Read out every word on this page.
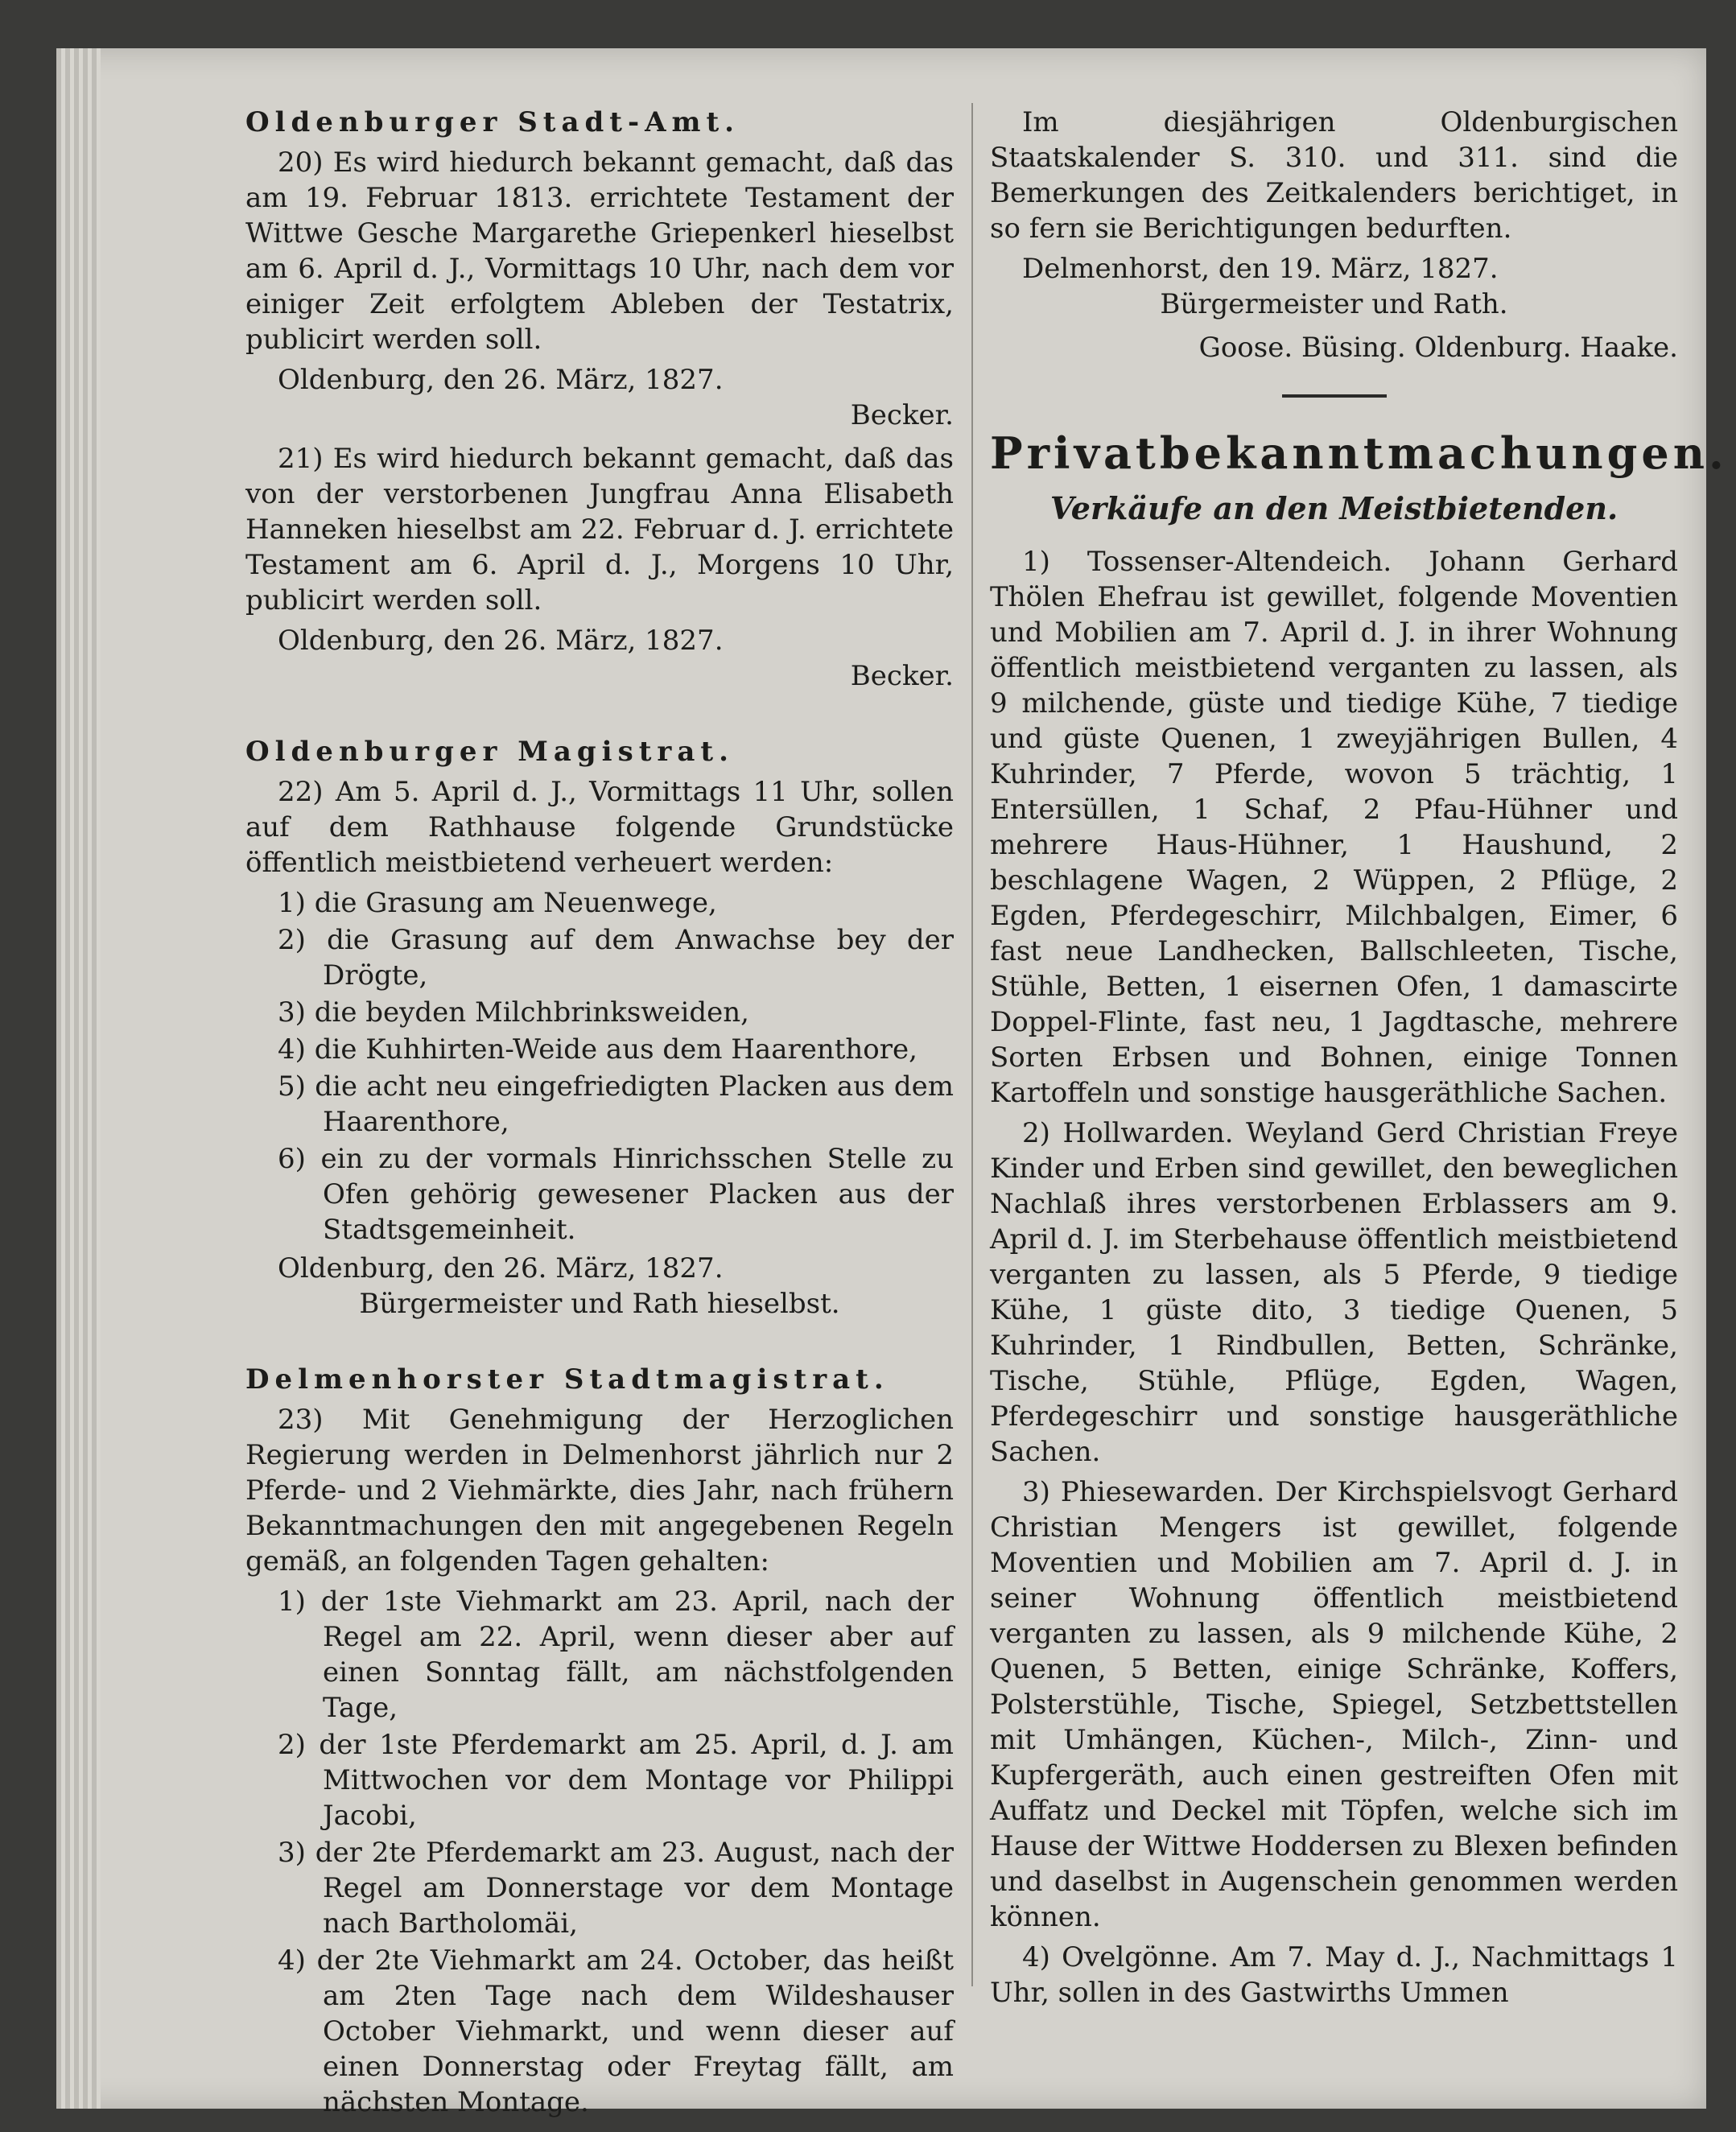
Oldenburger Stadt-Amt.

20) Es wird hiedurch bekannt gemacht, daß das am 19. Februar 1813. errichtete Testament der Wittwe Gesche Margarethe Griepenkerl hieselbst am 6. April d. J., Vormittags 10 Uhr, nach dem vor einiger Zeit erfolgtem Ableben der Testatrix, publicirt werden soll.

Oldenburg, den 26. März, 1827.

Becker.

21) Es wird hiedurch bekannt gemacht, daß das von der verstorbenen Jungfrau Anna Elisabeth Hanneken hieselbst am 22. Februar d. J. errichtete Testament am 6. April d. J., Morgens 10 Uhr, publicirt werden soll.

Oldenburg, den 26. März, 1827.

Becker.

Oldenburger Magistrat.

22) Am 5. April d. J., Vormittags 11 Uhr, sollen auf dem Rathhause folgende Grundstücke öffentlich meistbietend verheuert werden:

1) die Grasung am Neuenwege,
2) die Grasung auf dem Anwachse bey der Drögte,
3) die beyden Milchbrinksweiden,
4) die Kuhhirten-Weide aus dem Haarenthore,
5) die acht neu eingefriedigten Placken aus dem Haarenthore,
6) ein zu der vormals Hinrichsschen Stelle zu Ofen gehörig gewesener Placken aus der Stadtsgemeinheit.

Oldenburg, den 26. März, 1827.

Bürgermeister und Rath hieselbst.

Delmenhorster Stadtmagistrat.

23) Mit Genehmigung der Herzoglichen Regierung werden in Delmenhorst jährlich nur 2 Pferde- und 2 Viehmärkte, dies Jahr, nach frühern Bekanntmachungen den mit angegebenen Regeln gemäß, an folgenden Tagen gehalten:

1) der 1ste Viehmarkt am 23. April, nach der Regel am 22. April, wenn dieser aber auf einen Sonntag fällt, am nächstfolgenden Tage,
2) der 1ste Pferdemarkt am 25. April, d. J. am Mittwochen vor dem Montage vor Philippi Jacobi,
3) der 2te Pferdemarkt am 23. August, nach der Regel am Donnerstage vor dem Montage nach Bartholomäi,
4) der 2te Viehmarkt am 24. October, das heißt am 2ten Tage nach dem Wildeshauser October Viehmarkt, und wenn dieser auf einen Donnerstag oder Freytag fällt, am nächsten Montage.

Im diesjährigen Oldenburgischen Staatskalender S. 310. und 311. sind die Bemerkungen des Zeitkalenders berichtiget, in so fern sie Berichtigungen bedurften.

Delmenhorst, den 19. März, 1827.

Bürgermeister und Rath.

Goose. Büsing. Oldenburg. Haake.

Privatbekanntmachungen.

Verkäufe an den Meistbietenden.

1) Tossenser-Altendeich. Johann Gerhard Thölen Ehefrau ist gewillet, folgende Moventien und Mobilien am 7. April d. J. in ihrer Wohnung öffentlich meistbietend verganten zu lassen, als 9 milchende, güste und tiedige Kühe, 7 tiedige und güste Quenen, 1 zweyjährigen Bullen, 4 Kuhrinder, 7 Pferde, wovon 5 trächtig, 1 Entersüllen, 1 Schaf, 2 Pfau-Hühner und mehrere Haus-Hühner, 1 Haushund, 2 beschlagene Wagen, 2 Wüppen, 2 Pflüge, 2 Egden, Pferdegeschirr, Milchbalgen, Eimer, 6 fast neue Landhecken, Ballschleeten, Tische, Stühle, Betten, 1 eisernen Ofen, 1 damascirte Doppel-Flinte, fast neu, 1 Jagdtasche, mehrere Sorten Erbsen und Bohnen, einige Tonnen Kartoffeln und sonstige hausgeräthliche Sachen.

2) Hollwarden. Weyland Gerd Christian Freye Kinder und Erben sind gewillet, den beweglichen Nachlaß ihres verstorbenen Erblassers am 9. April d. J. im Sterbehause öffentlich meistbietend verganten zu lassen, als 5 Pferde, 9 tiedige Kühe, 1 güste dito, 3 tiedige Quenen, 5 Kuhrinder, 1 Rindbullen, Betten, Schränke, Tische, Stühle, Pflüge, Egden, Wagen, Pferdegeschirr und sonstige hausgeräthliche Sachen.

3) Phiesewarden. Der Kirchspielsvogt Gerhard Christian Mengers ist gewillet, folgende Moventien und Mobilien am 7. April d. J. in seiner Wohnung öffentlich meistbietend verganten zu lassen, als 9 milchende Kühe, 2 Quenen, 5 Betten, einige Schränke, Koffers, Polsterstühle, Tische, Spiegel, Setzbettstellen mit Umhängen, Küchen-, Milch-, Zinn- und Kupfergeräth, auch einen gestreiften Ofen mit Auffatz und Deckel mit Töpfen, welche sich im Hause der Wittwe Hoddersen zu Blexen befinden und daselbst in Augenschein genommen werden können.

4) Ovelgönne. Am 7. May d. J., Nachmittags 1 Uhr, sollen in des Gastwirths Ummen
